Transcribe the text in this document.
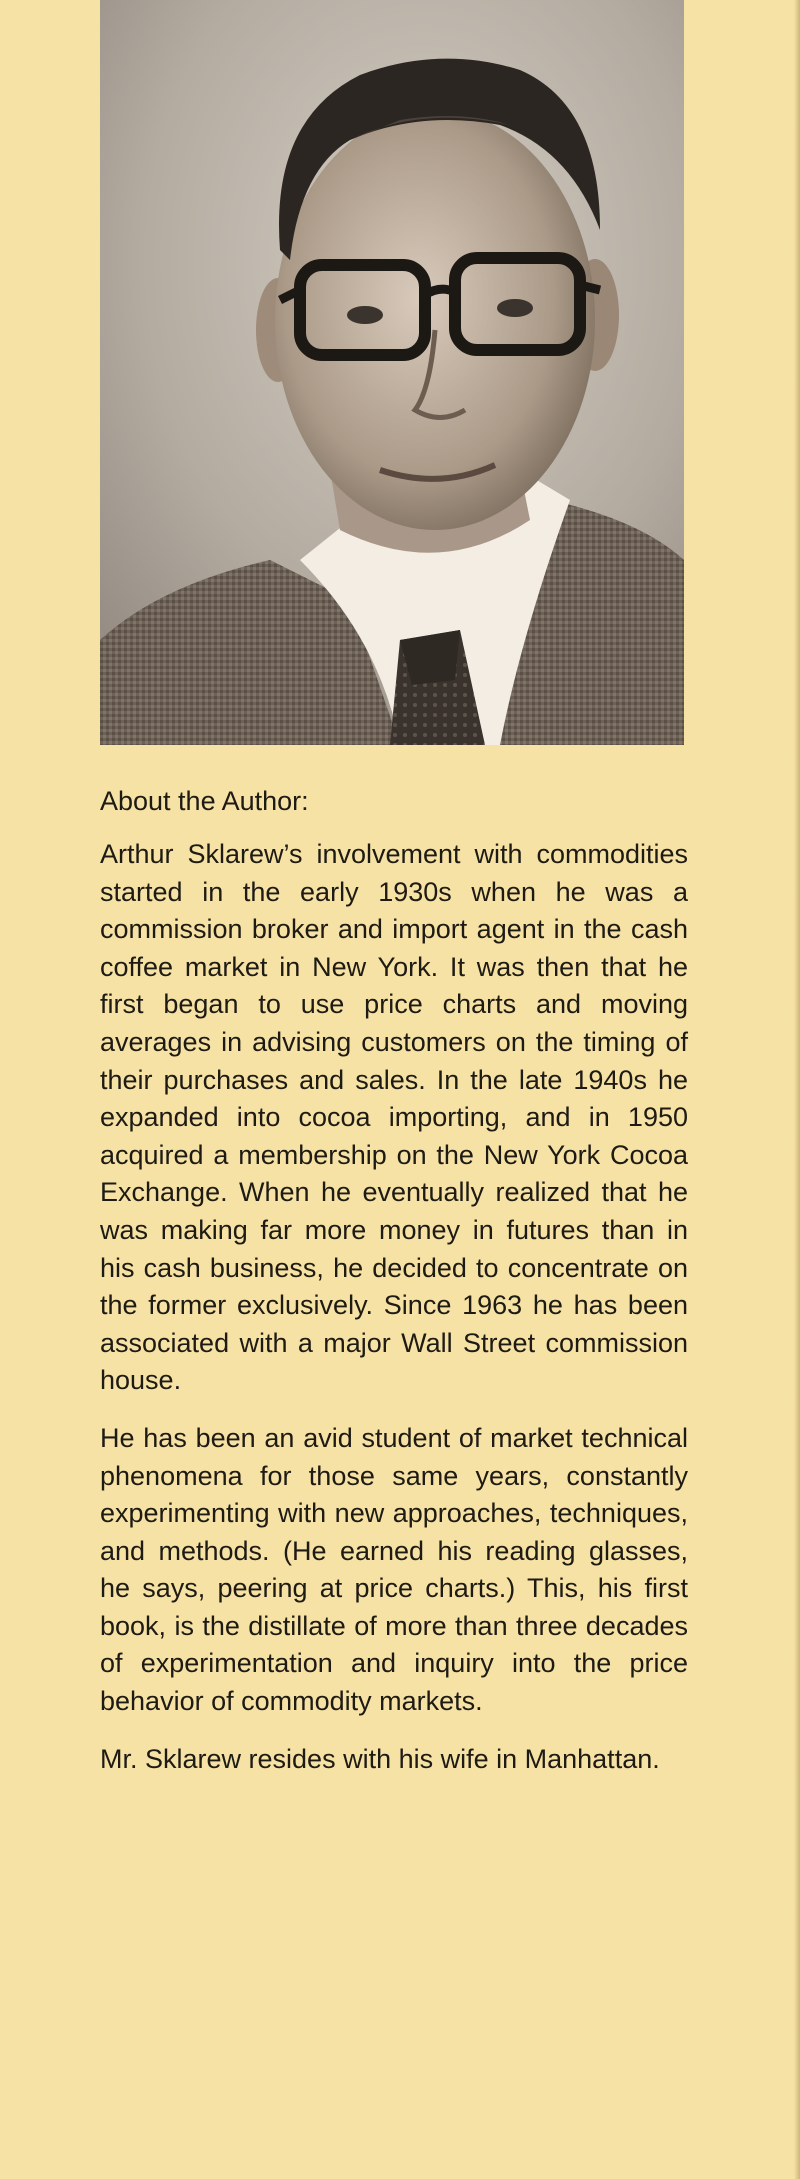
About the Author:

Arthur Sklarew’s involvement with commodities started in the early 1930s when he was a commission broker and import agent in the cash coffee market in New York. It was then that he first began to use price charts and moving averages in advising customers on the timing of their purchases and sales. In the late 1940s he expanded into cocoa importing, and in 1950 acquired a membership on the New York Cocoa Exchange. When he eventually realized that he was making far more money in futures than in his cash business, he decided to concentrate on the former exclusively. Since 1963 he has been associated with a major Wall Street commission house.

He has been an avid student of market technical phenomena for those same years, constantly experimenting with new approaches, techniques, and methods. (He earned his reading glasses, he says, peering at price charts.) This, his first book, is the distillate of more than three decades of experimentation and inquiry into the price behavior of commodity markets.

Mr. Sklarew resides with his wife in Manhattan.
